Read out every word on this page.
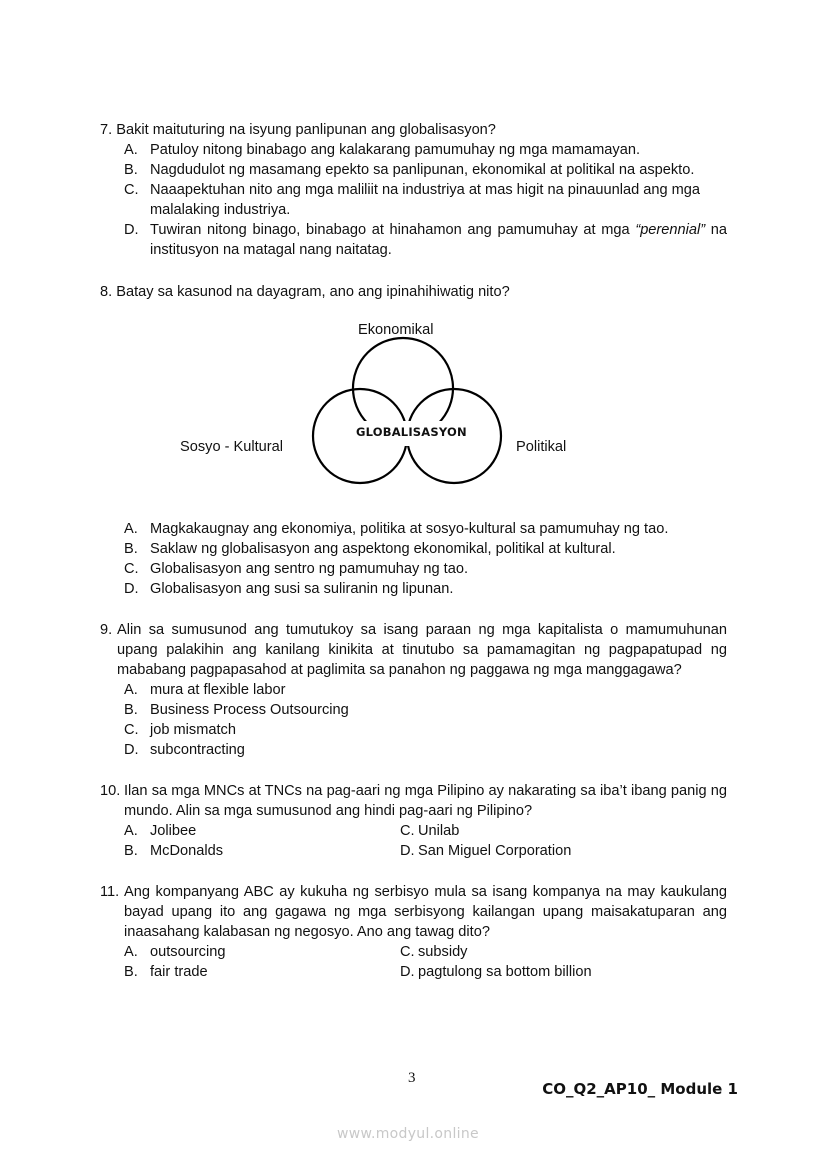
7. Bakit maituturing na isyung panlipunan ang globalisasyon?
A. Patuloy nitong binabago ang kalakarang pamumuhay ng mga mamamayan.
B. Nagdudulot ng masamang epekto sa panlipunan, ekonomikal at politikal na aspekto.
C. Naaapektuhan nito ang mga maliliit na industriya at mas higit na pinauunlad ang mga malalaking industriya.
D. Tuwiran nitong binago, binabago at hinahamon ang pamumuhay at mga “perennial” na institusyon na matagal nang naitatag.
8. Batay sa kasunod na dayagram, ano ang ipinahihiwatig nito?
Ekonomikal
Sosyo - Kultural	Politikal
GLOBALISASYON
A. Magkakaugnay ang ekonomiya, politika at sosyo-kultural sa pamumuhay ng tao.
B. Saklaw ng globalisasyon ang aspektong ekonomikal, politikal at kultural.
C. Globalisasyon ang sentro ng pamumuhay ng tao.
D. Globalisasyon ang susi sa suliranin ng lipunan.
9. Alin sa sumusunod ang tumutukoy sa isang paraan ng mga kapitalista o mamumuhunan upang palakihin ang kanilang kinikita at tinutubo sa pamamagitan ng pagpapatupad ng mababang pagpapasahod at paglimita sa panahon ng paggawa ng mga manggagawa?
A. mura at flexible labor
B. Business Process Outsourcing
C. job mismatch
D. subcontracting
10. Ilan sa mga MNCs at TNCs na pag-aari ng mga Pilipino ay nakarating sa iba’t ibang panig ng mundo. Alin sa mga sumusunod ang hindi pag-aari ng Pilipino?
A. Jolibee	C. Unilab
B. McDonalds	D. San Miguel Corporation
11. Ang kompanyang ABC ay kukuha ng serbisyo mula sa isang kompanya na may kaukulang bayad upang ito ang gagawa ng mga serbisyong kailangan upang maisakatuparan ang inaasahang kalabasan ng negosyo. Ano ang tawag dito?
A. outsourcing	C. subsidy
B. fair trade	D. pagtulong sa bottom billion
3
CO_Q2_AP10_ Module 1
www.modyul.online
